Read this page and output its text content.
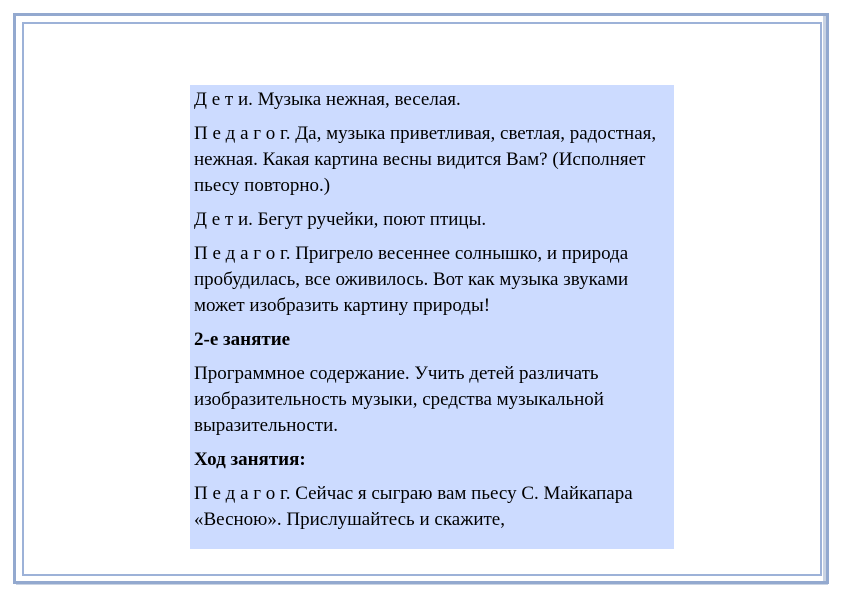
Д е т и. Музыка нежная, веселая.

П е д а г о г. Да, музыка приветливая, светлая, радостная, нежная. Какая картина весны видится Вам? (Исполняет пьесу повторно.)

Д е т и. Бегут ручейки, поют птицы.

П е д а г о г. Пригрело весеннее солнышко, и природа пробудилась, все оживилось. Вот как музыка звуками может изобразить картину природы!

2-е занятие

Программное содержание. Учить детей различать изобразительность музыки, средства музыкальной выразительности.

Ход занятия:

П е д а г о г. Сейчас я сыграю вам пьесу С. Майкапара «Весною». Прислушайтесь и скажите,
